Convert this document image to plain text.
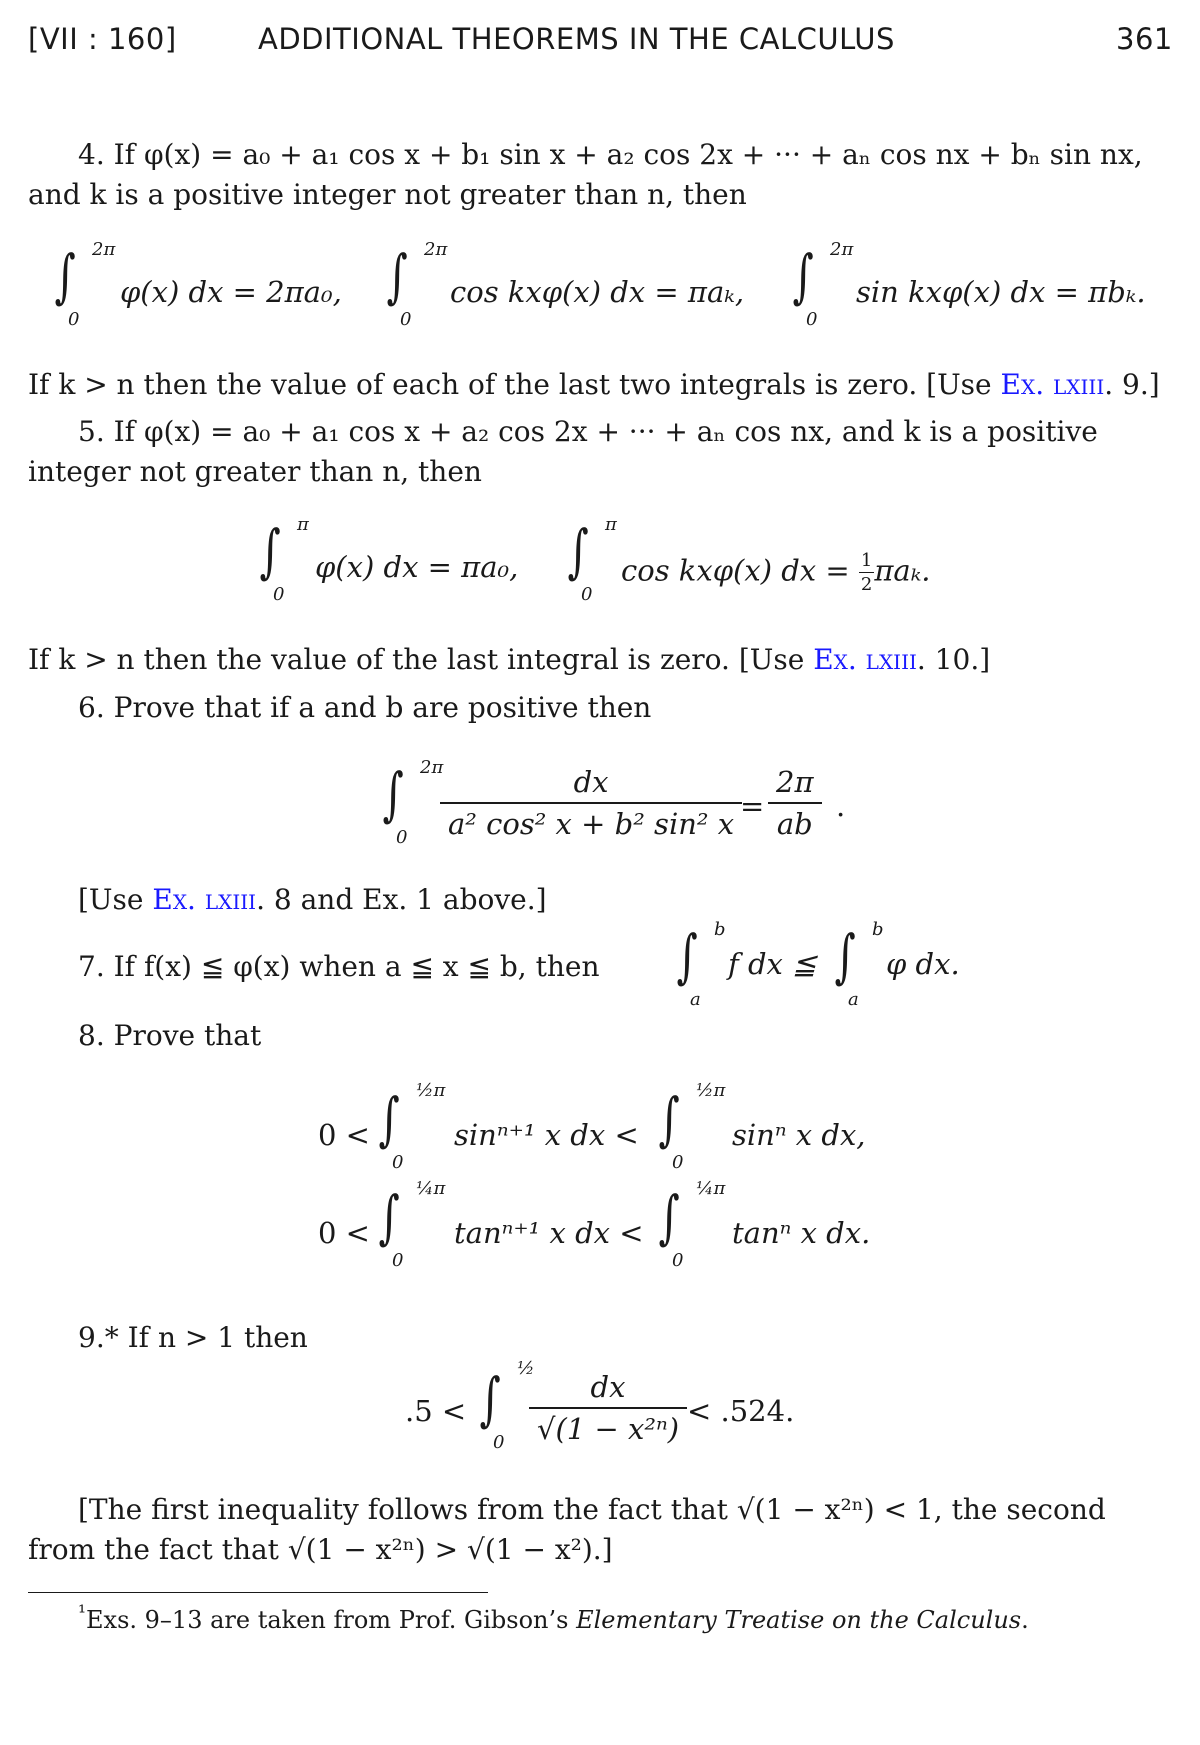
[VII : 160]	ADDITIONAL THEOREMS IN THE CALCULUS	361
4. If φ(x) = a₀ + a₁ cos x + b₁ sin x + a₂ cos 2x + ··· + aₙ cos nx + bₙ sin nx,
and k is a positive integer not greater than n, then
∫ 2π
0
φ(x) dx = 2πa₀, ∫ 2π
0
cos kxφ(x) dx = πaₖ, ∫ 2π
0
sin kxφ(x) dx = πbₖ.
If k > n then the value of each of the last two integrals is zero. [Use Ex. lxiii. 9.]
5. If φ(x) = a₀ + a₁ cos x + a₂ cos 2x + ··· + aₙ cos nx, and k is a positive
integer not greater than n, then
∫ π
0
φ(x) dx = πa₀, ∫ π
0
cos kxφ(x) dx = $\frac{1}{2} \pi a_k$.
If k > n then the value of the last integral is zero. [Use Ex. lxiii. 10.]
6. Prove that if a and b are positive then
∫ 2π
$0 \frac{dx}{\text{a² cos² x + b² sin² x}}$
= $\frac{2\pi}{ab}$ .
[Use Ex. lxiii. 8 and Ex. 1 above.]
7. If f(x) ≦ φ(x) when a ≦ x ≦ b, then ∫ b
a
f dx ≦ ∫ b
a
φ dx.
8. Prove that
0 < ∫ ½π
0
sinⁿ⁺¹ x dx < ∫ ½π
0
sinⁿ x dx,
0 < ∫ ¼π
0
tanⁿ⁺¹ x dx < ∫ ¼π
0
tanⁿ x dx.
9.* If n > 1 then
.5 < ∫ ½
$0 \frac{dx}{\text{√(1 − x²ⁿ)}} < .524$.
[The first inequality follows from the fact that √(1 − x²ⁿ) < 1, the second
from the fact that √(1 − x²ⁿ) > √(1 − x²).]
$^{^1}$Exs. 9–13 are taken from Prof. Gibson’s Elementary Treatise on the Calculus.
